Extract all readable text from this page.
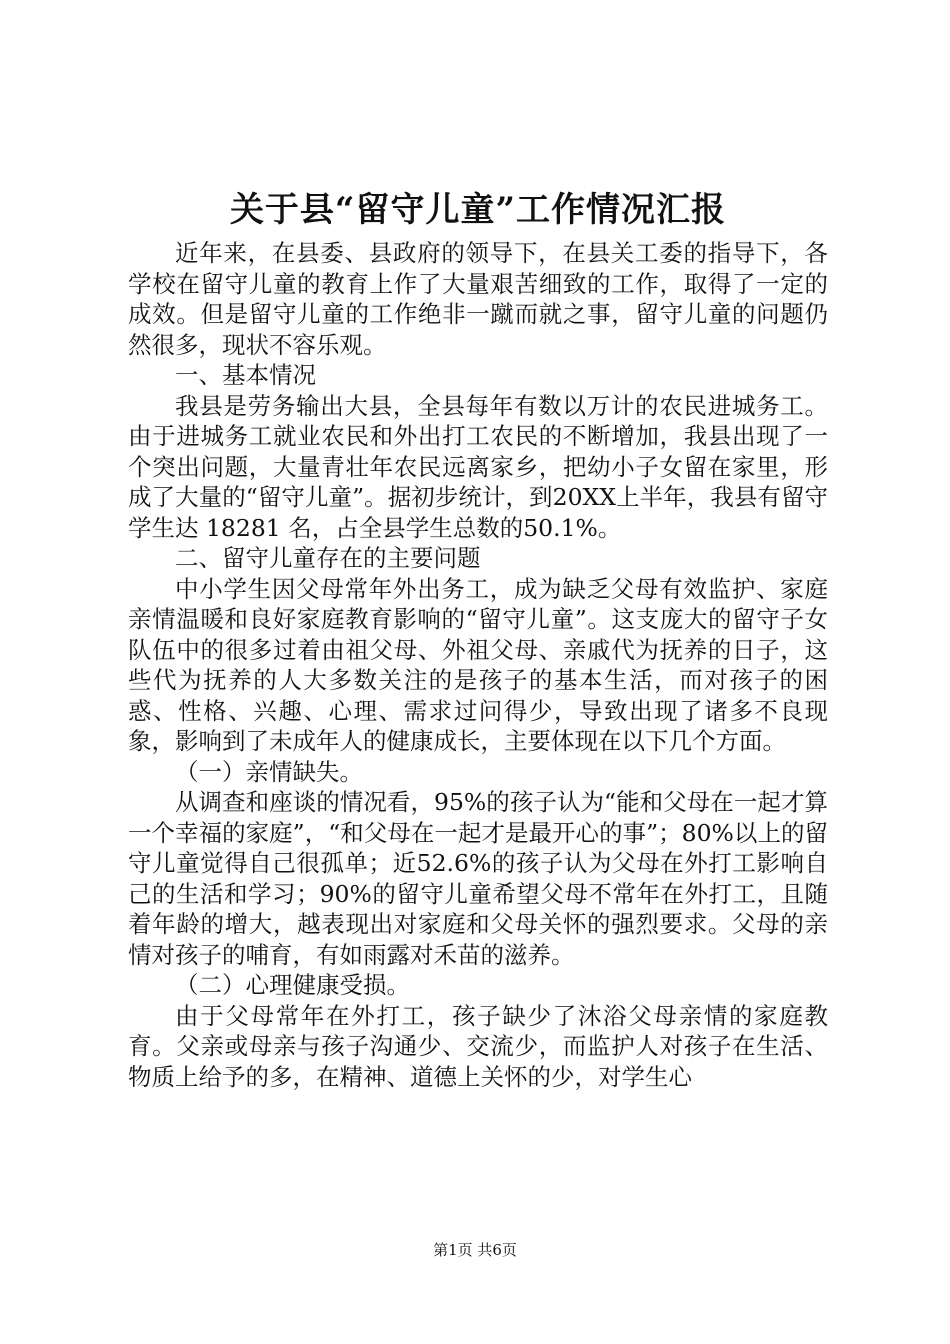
关于县“留守儿童”工作情况汇报

近年来，在县委、县政府的领导下，在县关工委的指导下，各学校在留守儿童的教育上作了大量艰苦细致的工作，取得了一定的成效。但是留守儿童的工作绝非一蹴而就之事，留守儿童的问题仍然很多，现状不容乐观。

一、基本情况

我县是劳务输出大县，全县每年有数以万计的农民进城务工。由于进城务工就业农民和外出打工农民的不断增加，我县出现了一个突出问题，大量青壮年农民远离家乡，把幼小子女留在家里，形成了大量的“留守儿童”。据初步统计，到20XX上半年，我县有留守学生达 18281 名，占全县学生总数的50.1%。

二、留守儿童存在的主要问题

中小学生因父母常年外出务工，成为缺乏父母有效监护、家庭亲情温暖和良好家庭教育影响的“留守儿童”。这支庞大的留守子女队伍中的很多过着由祖父母、外祖父母、亲戚代为抚养的日子，这些代为抚养的人大多数关注的是孩子的基本生活，而对孩子的困惑、性格、兴趣、心理、需求过问得少，导致出现了诸多不良现象，影响到了未成年人的健康成长，主要体现在以下几个方面。

（一）亲情缺失。

从调查和座谈的情况看，95%的孩子认为“能和父母在一起才算一个幸福的家庭”，“和父母在一起才是最开心的事”；80%以上的留守儿童觉得自己很孤单；近52.6%的孩子认为父母在外打工影响自己的生活和学习；90%的留守儿童希望父母不常年在外打工，且随着年龄的增大，越表现出对家庭和父母关怀的强烈要求。父母的亲情对孩子的哺育，有如雨露对禾苗的滋养。

（二）心理健康受损。

由于父母常年在外打工，孩子缺少了沐浴父母亲情的家庭教育。父亲或母亲与孩子沟通少、交流少，而监护人对孩子在生活、物质上给予的多，在精神、道德上关怀的少，对学生心

第1页 共6页
